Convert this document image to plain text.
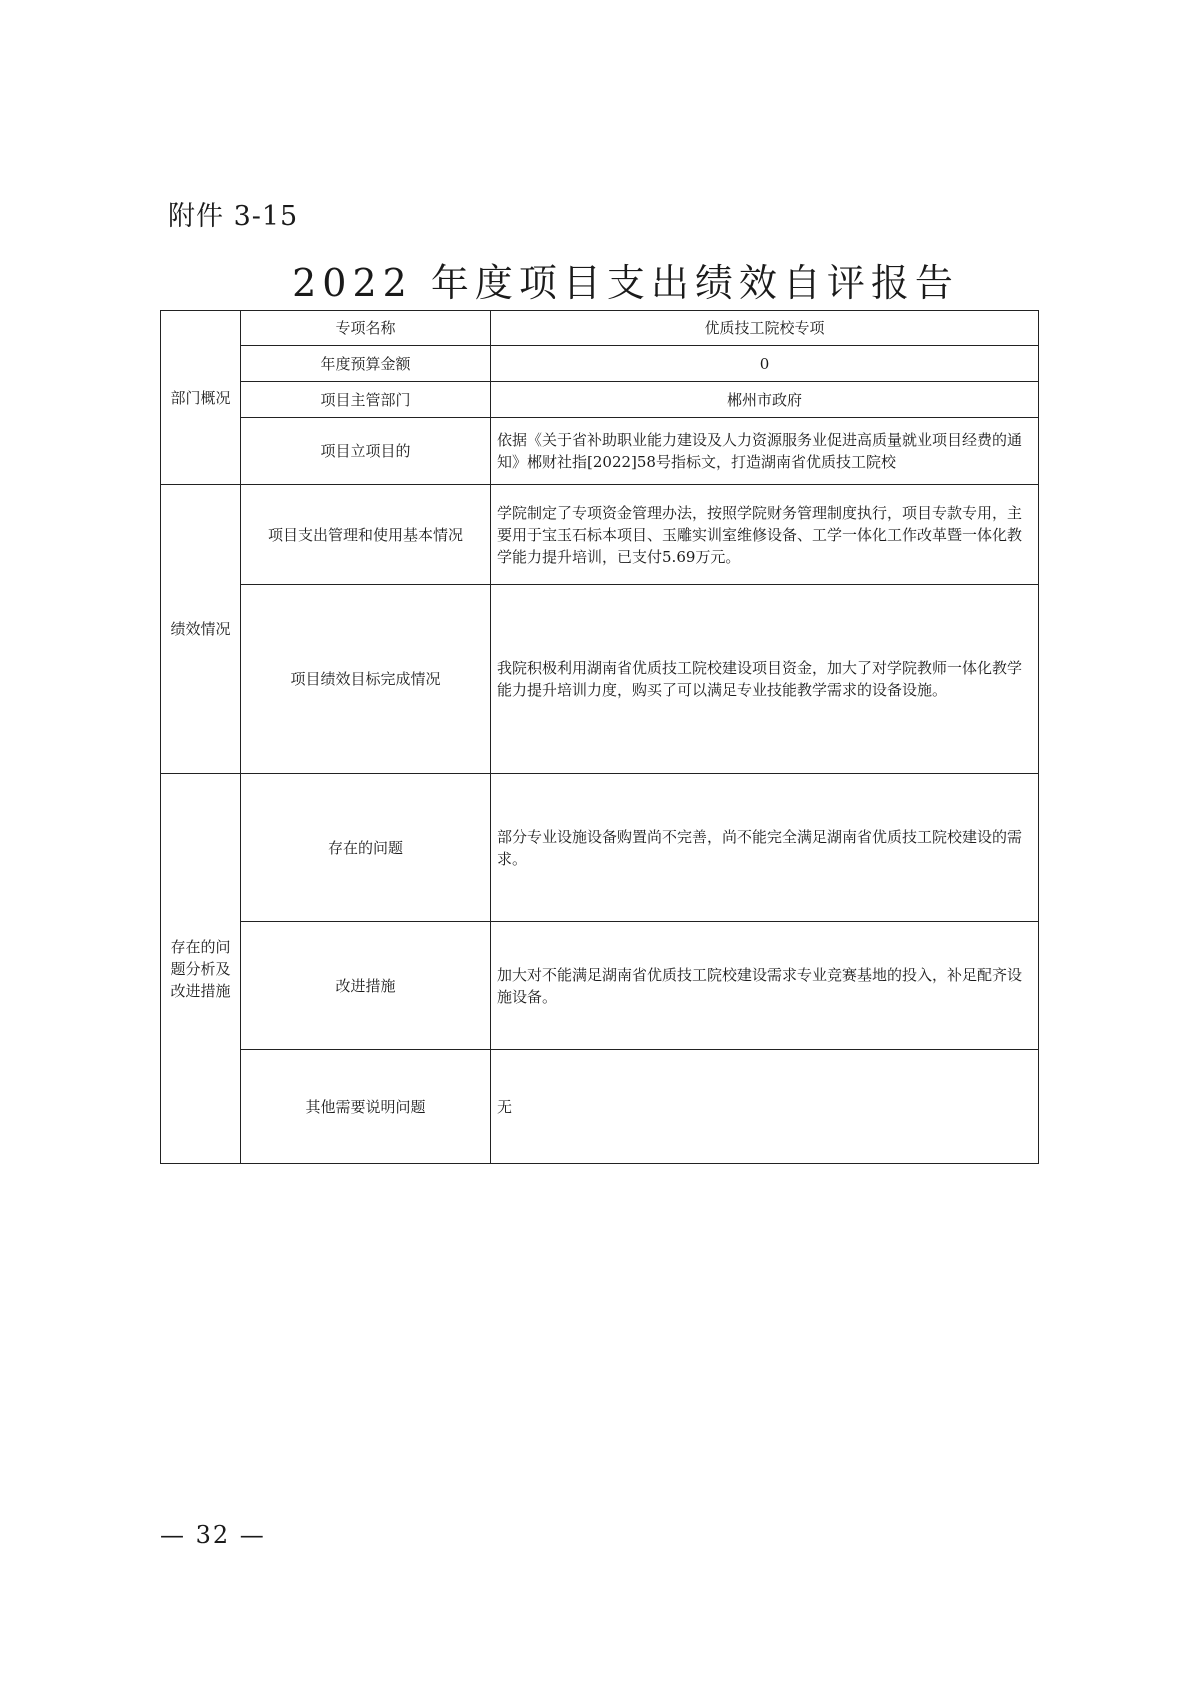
附件 3-15
2022 年度项目支出绩效自评报告
部门概况	专项名称	优质技工院校专项
	年度预算金额	0
	项目主管部门	郴州市政府
	项目立项目的	依据《关于省补助职业能力建设及人力资源服务业促进高质量就业项目经费的通知》郴财社指[2022]58号指标文，打造湖南省优质技工院校
绩效情况	项目支出管理和使用基本情况	学院制定了专项资金管理办法，按照学院财务管理制度执行，项目专款专用，主要用于宝玉石标本项目、玉雕实训室维修设备、工学一体化工作改革暨一体化教学能力提升培训，已支付5.69万元。
	项目绩效目标完成情况	我院积极利用湖南省优质技工院校建设项目资金，加大了对学院教师一体化教学能力提升培训力度，购买了可以满足专业技能教学需求的设备设施。
存在的问题分析及改进措施	存在的问题	部分专业设施设备购置尚不完善，尚不能完全满足湖南省优质技工院校建设的需求。
	改进措施	加大对不能满足湖南省优质技工院校建设需求专业竞赛基地的投入，补足配齐设施设备。
	其他需要说明问题	无
— 32 —
